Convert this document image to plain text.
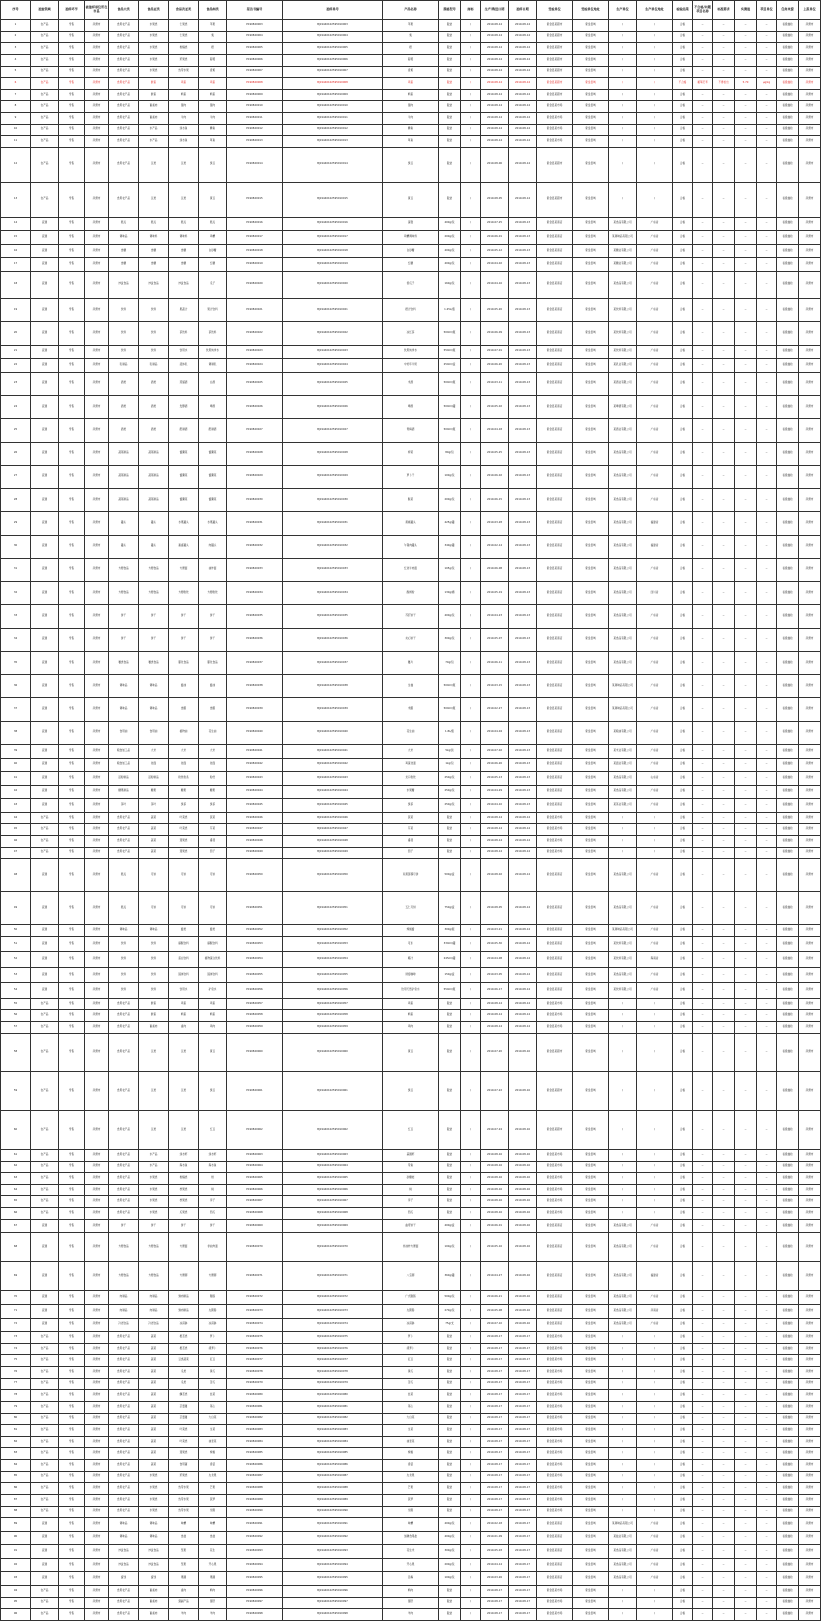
序号	抽查领域	抽样环节	被抽样单位所在市县	食品大类	食品亚类	食品次亚类	食品细类	报告书编号	抽样单号	产品名称	规格型号	商标	生产/购进日期	抽样日期	受检单位	受检单位地址	生产单位	生产单位地址	检验结果	不合格/问题项目名称	标准要求	实测值	项目单位	任务来源	上报单位
1	农产品	零售	河源市	食用农产品	水果类	仁果类	苹果	P190820003	BJ19440102595010003	苹果	散装	/	2019-08-14	2019-08-14	紫金县某超市	紫金县城	/	/	合格	--	--	--	--	省级抽检	河源市
2	农产品	零售	河源市	食用农产品	水果类	仁果类	梨	P190820004	BJ19440102595010004	梨	散装	/	2019-08-14	2019-08-14	紫金县某超市	紫金县城	/	/	合格	--	--	--	--	省级抽检	河源市
3	农产品	零售	河源市	食用农产品	水果类	柑橘类	橙	P190820005	BJ19440102595010005	橙	散装	/	2019-08-14	2019-08-14	紫金县某超市	紫金县城	/	/	合格	--	--	--	--	省级抽检	河源市
4	农产品	零售	河源市	食用农产品	水果类	浆果类	葡萄	P190820006	BJ19440102595010006	葡萄	散装	/	2019-08-14	2019-08-14	紫金县某超市	紫金县城	/	/	合格	--	--	--	--	省级抽检	河源市
5	农产品	零售	河源市	食用农产品	水果类	热带水果	香蕉	P190820007	BJ19440102595010007	香蕉	散装	/	2019-08-14	2019-08-14	紫金县某超市	紫金县城	/	/	合格	--	--	--	--	省级抽检	河源市
6	农产品	零售	河源市	食用农产品	鲜蛋	鸡蛋	鸡蛋	P190820008	BJ19440102595010008	鸡蛋	散装	/	2019-08-14	2019-08-14	紫金县某超市	紫金县城	/	/	不合格	氟苯尼考	不得检出	5.70	μg/kg	省级抽检	河源市
7	农产品	零售	河源市	食用农产品	鲜蛋	鸭蛋	鸭蛋	P190820009	BJ19440102595010009	鸭蛋	散装	/	2019-08-14	2019-08-14	紫金县某超市	紫金县城	/	/	合格	--	--	--	--	省级抽检	河源市
8	农产品	零售	河源市	食用农产品	畜禽肉	猪肉	猪肉	P190820010	BJ19440102595010010	猪肉	散装	/	2019-08-14	2019-08-14	紫金县某市场	紫金县城	/	/	合格	--	--	--	--	省级抽检	河源市
9	农产品	零售	河源市	食用农产品	畜禽肉	牛肉	牛肉	P190820011	BJ19440102595010011	牛肉	散装	/	2019-08-14	2019-08-14	紫金县某市场	紫金县城	/	/	合格	--	--	--	--	省级抽检	河源市
10	农产品	零售	河源市	食用农产品	水产品	淡水鱼	鲫鱼	P190820012	BJ19440102595010012	鲫鱼	散装	/	2019-08-14	2019-08-14	紫金县某市场	紫金县城	/	/	合格	--	--	--	--	省级抽检	河源市
11	农产品	零售	河源市	食用农产品	水产品	淡水鱼	草鱼	P190820013	BJ19440102595010013	草鱼	散装	/	2019-08-14	2019-08-14	紫金县某市场	紫金县城	/	/	合格	--	--	--	--	省级抽检	河源市
12	农产品	零售	河源市	食用农产品	豆类	豆类	绿豆	P190820014	BJ19440102595010014	绿豆	散装	/	2019-08-06	2019-08-14	紫金县某超市	紫金县城	/	/	合格	--	--	--	--	省级抽检	河源市
13	农产品	零售	河源市	食用农产品	豆类	豆类	黄豆	P190820015	BJ19440102595010015	黄豆	散装	/	2019-08-05	2019-08-14	紫金县某超市	紫金县城	/	/	合格	--	--	--	--	省级抽检	河源市
14	流通	零售	河源市	糕点	糕点	糕点	糕点	P190820016	BJ19440102595010016	蛋糕	400g/包	/	2019-07-25	2019-08-13	紫金县某商店	紫金县城	某食品有限公司	广东省	合格	--	--	--	--	省级抽检	河源市
15	流通	零售	河源市	调味品	调味料	调味料	鸡精	P190820017	BJ19440102595010017	鸡精调味料	200g/包	/	2019-06-01	2019-08-13	紫金县某商店	紫金县城	某调味品有限公司	广东省	合格	--	--	--	--	省级抽检	河源市
16	流通	零售	河源市	食糖	食糖	食糖	白砂糖	P190820018	BJ19440102595010018	白砂糖	400g/包	/	2019-05-12	2019-08-13	紫金县某商店	紫金县城	某糖业有限公司	广东省	合格	--	--	--	--	省级抽检	河源市
17	流通	零售	河源市	食糖	食糖	食糖	红糖	P190820019	BJ19440102595010019	红糖	400g/包	/	2019-04-02	2019-08-13	紫金县某商店	紫金县城	某糖业有限公司	广东省	合格	--	--	--	--	省级抽检	河源市
18	流通	零售	河源市	炒货食品	炒货食品	炒货食品	瓜子	P190820020	BJ19440102595010020	香瓜子	160g/包	/	2019-04-16	2019-08-13	紫金县某商店	紫金县城	某食品有限公司	广东省	合格	--	--	--	--	省级抽检	河源市
19	流通	零售	河源市	饮料	饮料	果蔬汁	果汁饮料	P190820021	BJ19440102595010021	橙汁饮料	1.25L/瓶	/	2019-05-20	2019-08-13	紫金县某商店	紫金县城	某饮料有限公司	广东省	合格	--	--	--	--	省级抽检	河源市
20	流通	零售	河源市	饮料	饮料	茶饮料	茶饮料	P190820022	BJ19440102595010022	冰红茶	500ml/瓶	/	2019-06-09	2019-08-13	紫金县某商店	紫金县城	某饮料有限公司	广东省	合格	--	--	--	--	省级抽检	河源市
21	流通	零售	河源市	饮料	饮料	饮用水	饮用纯净水	P190820023	BJ19440102595010023	饮用纯净水	550ml/瓶	/	2019-07-01	2019-08-13	紫金县某商店	紫金县城	某饮料有限公司	广东省	合格	--	--	--	--	省级抽检	河源市
22	流通	零售	河源市	乳制品	乳制品	液体乳	调制乳	P190820024	BJ19440102595010024	中老年牛奶	250ml/盒	/	2019-06-20	2019-08-13	紫金县某商店	紫金县城	某乳业有限公司	广东省	合格	--	--	--	--	省级抽检	河源市
23	流通	零售	河源市	酒类	酒类	蒸馏酒	白酒	P190820025	BJ19440102595010025	米酒	500ml/瓶	/	2019-03-11	2019-08-13	紫金县某商店	紫金县城	某酒业有限公司	广东省	合格	--	--	--	--	省级抽检	河源市
24	流通	零售	河源市	酒类	酒类	发酵酒	啤酒	P190820026	BJ19440102595010026	啤酒	500ml/罐	/	2019-05-02	2019-08-13	紫金县某商店	紫金县城	某啤酒有限公司	广东省	合格	--	--	--	--	省级抽检	河源市
25	流通	零售	河源市	酒类	酒类	配制酒	配制酒	P190820027	BJ19440102595010027	青梅酒	500ml/瓶	/	2019-04-18	2019-08-13	紫金县某商店	紫金县城	某酒业有限公司	广东省	合格	--	--	--	--	省级抽检	河源市
26	流通	零售	河源市	蔬菜制品	蔬菜制品	酱腌菜	酱腌菜	P190820028	BJ19440102595010028	榨菜	80g/包	/	2019-05-25	2019-08-13	紫金县某商店	紫金县城	某食品有限公司	广东省	合格	--	--	--	--	省级抽检	河源市
27	流通	零售	河源市	蔬菜制品	蔬菜制品	酱腌菜	酱腌菜	P190820029	BJ19440102595010029	萝卜干	100g/包	/	2019-06-02	2019-08-13	紫金县某商店	紫金县城	某食品有限公司	广东省	合格	--	--	--	--	省级抽检	河源市
28	流通	零售	河源市	蔬菜制品	蔬菜制品	酱腌菜	酱腌菜	P190820030	BJ19440102595010030	酸菜	200g/包	/	2019-06-15	2019-08-13	紫金县某商店	紫金县城	某食品有限公司	广东省	合格	--	--	--	--	省级抽检	河源市
29	流通	零售	河源市	罐头	罐头	水果罐头	水果罐头	P190820031	BJ19440102595010031	黄桃罐头	425g/罐	/	2019-03-28	2019-08-13	紫金县某商店	紫金县城	某食品有限公司	福建省	合格	--	--	--	--	省级抽检	河源市
30	流通	零售	河源市	罐头	罐头	畜禽罐头	肉罐头	P190820032	BJ19440102595010032	午餐肉罐头	340g/罐	/	2019-02-14	2019-08-13	紫金县某商店	紫金县城	某食品有限公司	福建省	合格	--	--	--	--	省级抽检	河源市
31	流通	零售	河源市	方便食品	方便食品	方便面	油炸面	P190820033	BJ19440102595010033	红烧牛肉面	105g/包	/	2019-06-08	2019-08-13	紫金县某商店	紫金县城	某食品有限公司	广东省	合格	--	--	--	--	省级抽检	河源市
32	流通	零售	河源市	方便食品	方便食品	方便粉丝	方便粉丝	P190820034	BJ19440102595010034	酸辣粉	130g/桶	/	2019-05-19	2019-08-13	紫金县某商店	紫金县城	某食品有限公司	四川省	合格	--	--	--	--	省级抽检	河源市
33	流通	零售	河源市	饼干	饼干	饼干	饼干	P190820035	BJ19440102595010035	苏打饼干	400g/包	/	2019-04-23	2019-08-13	紫金县某商店	紫金县城	某食品有限公司	广东省	合格	--	--	--	--	省级抽检	河源市
34	流通	零售	河源市	饼干	饼干	饼干	饼干	P190820036	BJ19440102595010036	夹心饼干	300g/包	/	2019-05-07	2019-08-13	紫金县某商店	紫金县城	某食品有限公司	广东省	合格	--	--	--	--	省级抽检	河源市
35	流通	零售	河源市	薯类食品	薯类食品	膨化食品	膨化食品	P190820037	BJ19440102595010037	薯片	70g/包	/	2019-06-11	2019-08-13	紫金县某商店	紫金县城	某食品有限公司	广东省	合格	--	--	--	--	省级抽检	河源市
36	流通	零售	河源市	调味品	调味品	酱油	酱油	P190820038	BJ19440102595010038	生抽	500ml/瓶	/	2019-03-15	2019-08-13	紫金县某商店	紫金县城	某调味品有限公司	广东省	合格	--	--	--	--	省级抽检	河源市
37	流通	零售	河源市	调味品	调味品	食醋	食醋	P190820039	BJ19440102595010039	米醋	500ml/瓶	/	2019-02-27	2019-08-13	紫金县某商店	紫金县城	某调味品有限公司	广东省	合格	--	--	--	--	省级抽检	河源市
38	流通	零售	河源市	食用油	食用油	植物油	花生油	P190820040	BJ19440102595010040	花生油	1.8L/瓶	/	2019-04-04	2019-08-13	紫金县某商店	紫金县城	某粮油有限公司	广东省	合格	--	--	--	--	省级抽检	河源市
39	流通	零售	河源市	粮食加工品	大米	大米	大米	P190820041	BJ19440102595010041	大米	5kg/袋	/	2019-07-02	2019-08-13	紫金县某商店	紫金县城	某米业有限公司	广东省	合格	--	--	--	--	省级抽检	河源市
40	流通	零售	河源市	粮食加工品	挂面	挂面	挂面	P190820042	BJ19440102595010042	鸡蛋挂面	1kg/包	/	2019-06-26	2019-08-13	紫金县某商店	紫金县城	某面业有限公司	广东省	合格	--	--	--	--	省级抽检	河源市
41	流通	零售	河源市	淀粉制品	淀粉制品	粉丝粉条	粉丝	P190820043	BJ19440102595010043	龙口粉丝	250g/包	/	2019-05-13	2019-08-13	紫金县某商店	紫金县城	某食品有限公司	山东省	合格	--	--	--	--	省级抽检	河源市
42	流通	零售	河源市	糖果制品	糖果	糖果	糖果	P190820044	BJ19440102595010044	水果糖	250g/包	/	2019-04-29	2019-08-13	紫金县某商店	紫金县城	某食品有限公司	广东省	合格	--	--	--	--	省级抽检	河源市
43	流通	零售	河源市	茶叶	茶叶	绿茶	绿茶	P190820045	BJ19440102595010045	绿茶	250g/包	/	2019-04-10	2019-08-13	紫金县某商店	紫金县城	某茶业有限公司	广东省	合格	--	--	--	--	省级抽检	河源市
44	农产品	零售	河源市	食用农产品	蔬菜	叶菜类	菠菜	P190820046	BJ19440102595010046	菠菜	散装	/	2019-08-14	2019-08-14	紫金县某市场	紫金县城	/	/	合格	--	--	--	--	省级抽检	河源市
45	农产品	零售	河源市	食用农产品	蔬菜	叶菜类	芹菜	P190820047	BJ19440102595010047	芹菜	散装	/	2019-08-14	2019-08-14	紫金县某市场	紫金县城	/	/	合格	--	--	--	--	省级抽检	河源市
46	农产品	零售	河源市	食用农产品	蔬菜	茄果类	番茄	P190820048	BJ19440102595010048	番茄	散装	/	2019-08-14	2019-08-14	紫金县某市场	紫金县城	/	/	合格	--	--	--	--	省级抽检	河源市
47	农产品	零售	河源市	食用农产品	蔬菜	茄果类	茄子	P190820049	BJ19440102595010049	茄子	散装	/	2019-08-14	2019-08-14	紫金县某市场	紫金县城	/	/	合格	--	--	--	--	省级抽检	河源市
48	流通	零售	河源市	糕点	月饼	月饼	月饼	P190820050	BJ19440102595010050	双黄莲蓉月饼	500g/盒	/	2019-08-02	2019-08-14	紫金县某商店	紫金县城	某食品有限公司	广东省	合格	--	--	--	--	省级抽检	河源市
49	流通	零售	河源市	糕点	月饼	月饼	月饼	P190820051	BJ19440102595010051	五仁月饼	750g/盒	/	2019-08-05	2019-08-14	紫金县某商店	紫金县城	某食品有限公司	广东省	合格	--	--	--	--	省级抽检	河源市
50	流通	零售	河源市	调味品	调味品	酱类	酱类	P190820052	BJ19440102595010052	辣椒酱	300g/瓶	/	2019-03-21	2019-08-14	紫金县某商店	紫金县城	某调味品有限公司	广东省	合格	--	--	--	--	省级抽检	河源市
51	流通	零售	河源市	饮料	饮料	碳酸饮料	碳酸饮料	P190820053	BJ19440102595010053	可乐	330ml/罐	/	2019-05-30	2019-08-14	紫金县某商店	紫金县城	某饮料有限公司	广东省	合格	--	--	--	--	省级抽检	河源市
52	流通	零售	河源市	饮料	饮料	蛋白饮料	植物蛋白饮料	P190820054	BJ19440102595010054	椰汁	245ml/罐	/	2019-04-08	2019-08-14	紫金县某商店	紫金县城	某饮料有限公司	海南省	合格	--	--	--	--	省级抽检	河源市
53	流通	零售	河源市	饮料	饮料	固体饮料	固体饮料	P190820055	BJ19440102595010055	速溶咖啡	150g/盒	/	2019-03-05	2019-08-14	紫金县某商店	紫金县城	某食品有限公司	广东省	合格	--	--	--	--	省级抽检	河源市
54	流通	零售	河源市	饮料	饮料	饮用水	矿泉水	P190820056	BJ19440102595010056	饮用天然矿泉水	550ml/瓶	/	2019-06-17	2019-08-14	紫金县某商店	紫金县城	某饮料有限公司	广东省	合格	--	--	--	--	省级抽检	河源市
55	农产品	零售	河源市	食用农产品	鲜蛋	鸡蛋	鸡蛋	P190820057	BJ19440102595010057	鸡蛋	散装	/	2019-08-14	2019-08-14	紫金县某市场	紫金县城	/	/	合格	--	--	--	--	省级抽检	河源市
56	农产品	零售	河源市	食用农产品	鲜蛋	鸭蛋	鸭蛋	P190820058	BJ19440102595010058	鸭蛋	散装	/	2019-08-14	2019-08-14	紫金县某市场	紫金县城	/	/	合格	--	--	--	--	省级抽检	河源市
57	农产品	零售	河源市	食用农产品	畜禽肉	禽肉	鸡肉	P190820059	BJ19440102595010059	鸡肉	散装	/	2019-08-14	2019-08-14	紫金县某市场	紫金县城	/	/	合格	--	--	--	--	省级抽检	河源市
58	农产品	零售	河源市	食用农产品	豆类	豆类	黄豆	P190820060	BJ19440102595010060	黄豆	散装	/	2019-07-20	2019-08-16	紫金县某超市	紫金县城	/	/	合格	--	--	--	--	省级抽检	河源市
59	农产品	零售	河源市	食用农产品	豆类	豆类	绿豆	P190820061	BJ19440102595010061	绿豆	散装	/	2019-07-22	2019-08-16	紫金县某超市	紫金县城	/	/	合格	--	--	--	--	省级抽检	河源市
60	农产品	零售	河源市	食用农产品	豆类	豆类	红豆	P190820062	BJ19440102595010062	红豆	散装	/	2019-07-24	2019-08-16	紫金县某超市	紫金县城	/	/	合格	--	--	--	--	省级抽检	河源市
61	农产品	零售	河源市	食用农产品	水产品	淡水虾	淡水虾	P190820063	BJ19440102595010063	基围虾	散装	/	2019-08-16	2019-08-16	紫金县某市场	紫金县城	/	/	合格	--	--	--	--	省级抽检	河源市
62	农产品	零售	河源市	食用农产品	水产品	海水鱼	海水鱼	P190820064	BJ19440102595010064	带鱼	散装	/	2019-08-16	2019-08-16	紫金县某市场	紫金县城	/	/	合格	--	--	--	--	省级抽检	河源市
63	农产品	零售	河源市	食用农产品	水果类	柑橘类	柑	P190820065	BJ19440102595010065	砂糖桔	散装	/	2019-08-16	2019-08-16	紫金县某市场	紫金县城	/	/	合格	--	--	--	--	省级抽检	河源市
64	农产品	零售	河源市	食用农产品	水果类	核果类	桃	P190820066	BJ19440102595010066	桃	散装	/	2019-08-16	2019-08-16	紫金县某市场	紫金县城	/	/	合格	--	--	--	--	省级抽检	河源市
65	农产品	零售	河源市	食用农产品	水果类	核果类	李子	P190820067	BJ19440102595010067	李子	散装	/	2019-08-16	2019-08-16	紫金县某市场	紫金县城	/	/	合格	--	--	--	--	省级抽检	河源市
66	农产品	零售	河源市	食用农产品	水果类	瓜果类	西瓜	P190820068	BJ19440102595010068	西瓜	散装	/	2019-08-16	2019-08-16	紫金县某市场	紫金县城	/	/	合格	--	--	--	--	省级抽检	河源市
67	流通	零售	河源市	饼干	饼干	饼干	饼干	P190820069	BJ19440102595010069	曲奇饼干	400g/盒	/	2019-06-01	2019-08-16	紫金县某商店	紫金县城	某食品有限公司	广东省	合格	--	--	--	--	省级抽检	河源市
68	流通	零售	河源市	方便食品	方便食品	方便面	非油炸面	P190820070	BJ19440102595010070	非油炸方便面	100g/包	/	2019-05-16	2019-08-16	紫金县某商店	紫金县城	某食品有限公司	广东省	合格	--	--	--	--	省级抽检	河源市
69	流通	零售	河源市	方便食品	方便食品	方便粥	方便粥	P190820071	BJ19440102595010071	八宝粥	360g/罐	/	2019-04-27	2019-08-16	紫金县某商店	紫金县城	某食品有限公司	福建省	合格	--	--	--	--	省级抽检	河源市
70	流通	零售	河源市	肉制品	肉制品	熟肉制品	腊肠	P190820072	BJ19440102595010072	广式腊肠	500g/包	/	2019-06-21	2019-08-16	紫金县某商店	紫金县城	某食品有限公司	广东省	合格	--	--	--	--	省级抽检	河源市
71	流通	零售	河源市	肉制品	肉制品	熟肉制品	火腿肠	P190820073	BJ19440102595010073	火腿肠	270g/包	/	2019-05-08	2019-08-16	紫金县某商店	紫金县城	某食品有限公司	河南省	合格	--	--	--	--	省级抽检	河源市
72	流通	零售	河源市	冷冻饮品	冷冻饮品	冰淇淋	冰淇淋	P190820074	BJ19440102595010074	冰淇淋	75g/支	/	2019-07-10	2019-08-16	紫金县某商店	紫金县城	某食品有限公司	广东省	合格	--	--	--	--	省级抽检	河源市
73	农产品	零售	河源市	食用农产品	蔬菜	根茎类	萝卜	P190820075	BJ19440102595010075	萝卜	散装	/	2019-08-17	2019-08-17	紫金县某市场	紫金县城	/	/	合格	--	--	--	--	省级抽检	河源市
74	农产品	零售	河源市	食用农产品	蔬菜	根茎类	胡萝卜	P190820076	BJ19440102595010076	胡萝卜	散装	/	2019-08-17	2019-08-17	紫金县某市场	紫金县城	/	/	合格	--	--	--	--	省级抽检	河源市
75	农产品	零售	河源市	食用农产品	蔬菜	豆类蔬菜	豇豆	P190820077	BJ19440102595010077	豇豆	散装	/	2019-08-17	2019-08-17	紫金县某市场	紫金县城	/	/	合格	--	--	--	--	省级抽检	河源市
76	农产品	零售	河源市	食用农产品	蔬菜	瓜类	黄瓜	P190820078	BJ19440102595010078	黄瓜	散装	/	2019-08-17	2019-08-17	紫金县某市场	紫金县城	/	/	合格	--	--	--	--	省级抽检	河源市
77	农产品	零售	河源市	食用农产品	蔬菜	瓜类	苦瓜	P190820079	BJ19440102595010079	苦瓜	散装	/	2019-08-17	2019-08-17	紫金县某市场	紫金县城	/	/	合格	--	--	--	--	省级抽检	河源市
78	农产品	零售	河源市	食用农产品	蔬菜	鳞茎类	韭菜	P190820080	BJ19440102595010080	韭菜	散装	/	2019-08-17	2019-08-17	紫金县某市场	紫金县城	/	/	合格	--	--	--	--	省级抽检	河源市
79	农产品	零售	河源市	食用农产品	蔬菜	芸薹属	菜心	P190820081	BJ19440102595010081	菜心	散装	/	2019-08-17	2019-08-17	紫金县某市场	紫金县城	/	/	合格	--	--	--	--	省级抽检	河源市
80	农产品	零售	河源市	食用农产品	蔬菜	芸薹属	大白菜	P190820082	BJ19440102595010082	大白菜	散装	/	2019-08-17	2019-08-17	紫金县某市场	紫金县城	/	/	合格	--	--	--	--	省级抽检	河源市
81	农产品	零售	河源市	食用农产品	蔬菜	叶菜类	生菜	P190820083	BJ19440102595010083	生菜	散装	/	2019-08-17	2019-08-17	紫金县某市场	紫金县城	/	/	合格	--	--	--	--	省级抽检	河源市
82	农产品	零售	河源市	食用农产品	蔬菜	叶菜类	油麦菜	P190820084	BJ19440102595010084	油麦菜	散装	/	2019-08-17	2019-08-17	紫金县某市场	紫金县城	/	/	合格	--	--	--	--	省级抽检	河源市
83	农产品	零售	河源市	食用农产品	蔬菜	茄果类	辣椒	P190820085	BJ19440102595010085	辣椒	散装	/	2019-08-17	2019-08-17	紫金县某市场	紫金县城	/	/	合格	--	--	--	--	省级抽检	河源市
84	农产品	零售	河源市	食用农产品	蔬菜	食用菌	香菇	P190820086	BJ19440102595010086	香菇	散装	/	2019-08-17	2019-08-17	紫金县某市场	紫金县城	/	/	合格	--	--	--	--	省级抽检	河源市
85	农产品	零售	河源市	食用农产品	水果类	浆果类	火龙果	P190820087	BJ19440102595010087	火龙果	散装	/	2019-08-17	2019-08-17	紫金县某市场	紫金县城	/	/	合格	--	--	--	--	省级抽检	河源市
86	农产品	零售	河源市	食用农产品	水果类	热带水果	芒果	P190820088	BJ19440102595010088	芒果	散装	/	2019-08-17	2019-08-17	紫金县某市场	紫金县城	/	/	合格	--	--	--	--	省级抽检	河源市
87	农产品	零售	河源市	食用农产品	水果类	热带水果	菠萝	P190820089	BJ19440102595010089	菠萝	散装	/	2019-08-17	2019-08-17	紫金县某市场	紫金县城	/	/	合格	--	--	--	--	省级抽检	河源市
88	农产品	零售	河源市	食用农产品	水果类	热带水果	龙眼	P190820090	BJ19440102595010090	龙眼	散装	/	2019-08-17	2019-08-17	紫金县某市场	紫金县城	/	/	合格	--	--	--	--	省级抽检	河源市
89	流通	零售	河源市	调味品	调味品	味精	味精	P190820091	BJ19440102595010091	味精	400g/包	/	2019-02-18	2019-08-17	紫金县某商店	紫金县城	某调味品有限公司	广东省	合格	--	--	--	--	省级抽检	河源市
90	流通	零售	河源市	调味品	调味品	食盐	食盐	P190820092	BJ19440102595010092	加碘食用盐	400g/包	/	2019-01-09	2019-08-17	紫金县某商店	紫金县城	某盐业有限公司	广东省	合格	--	--	--	--	省级抽检	河源市
91	流通	零售	河源市	炒货食品	炒货食品	坚果	花生	P190820093	BJ19440102595010093	花生米	300g/包	/	2019-05-03	2019-08-17	紫金县某商店	紫金县城	某食品有限公司	广东省	合格	--	--	--	--	省级抽检	河源市
92	流通	零售	河源市	炒货食品	炒货食品	坚果	开心果	P190820094	BJ19440102595010094	开心果	200g/包	/	2019-04-14	2019-08-17	紫金县某商店	紫金县城	某食品有限公司	广东省	合格	--	--	--	--	省级抽检	河源市
93	流通	零售	河源市	蜜饯	蜜饯	果脯	果脯	P190820095	BJ19440102595010095	话梅	100g/包	/	2019-03-26	2019-08-17	紫金县某商店	紫金县城	某食品有限公司	广东省	合格	--	--	--	--	省级抽检	河源市
94	农产品	零售	河源市	食用农产品	畜禽肉	禽肉	鸭肉	P190820096	BJ19440102595010096	鸭肉	散装	/	2019-08-17	2019-08-17	紫金县某市场	紫金县城	/	/	合格	--	--	--	--	省级抽检	河源市
95	农产品	零售	河源市	食用农产品	畜禽肉	猪副产品	猪肝	P190820097	BJ19440102595010097	猪肝	散装	/	2019-08-17	2019-08-17	紫金县某市场	紫金县城	/	/	合格	--	--	--	--	省级抽检	河源市
96	农产品	零售	河源市	食用农产品	畜禽肉	羊肉	羊肉	P190820098	BJ19440102595010098	羊肉	散装	/	2019-08-17	2019-08-17	紫金县某市场	紫金县城	/	/	合格	--	--	--	--	省级抽检	河源市
